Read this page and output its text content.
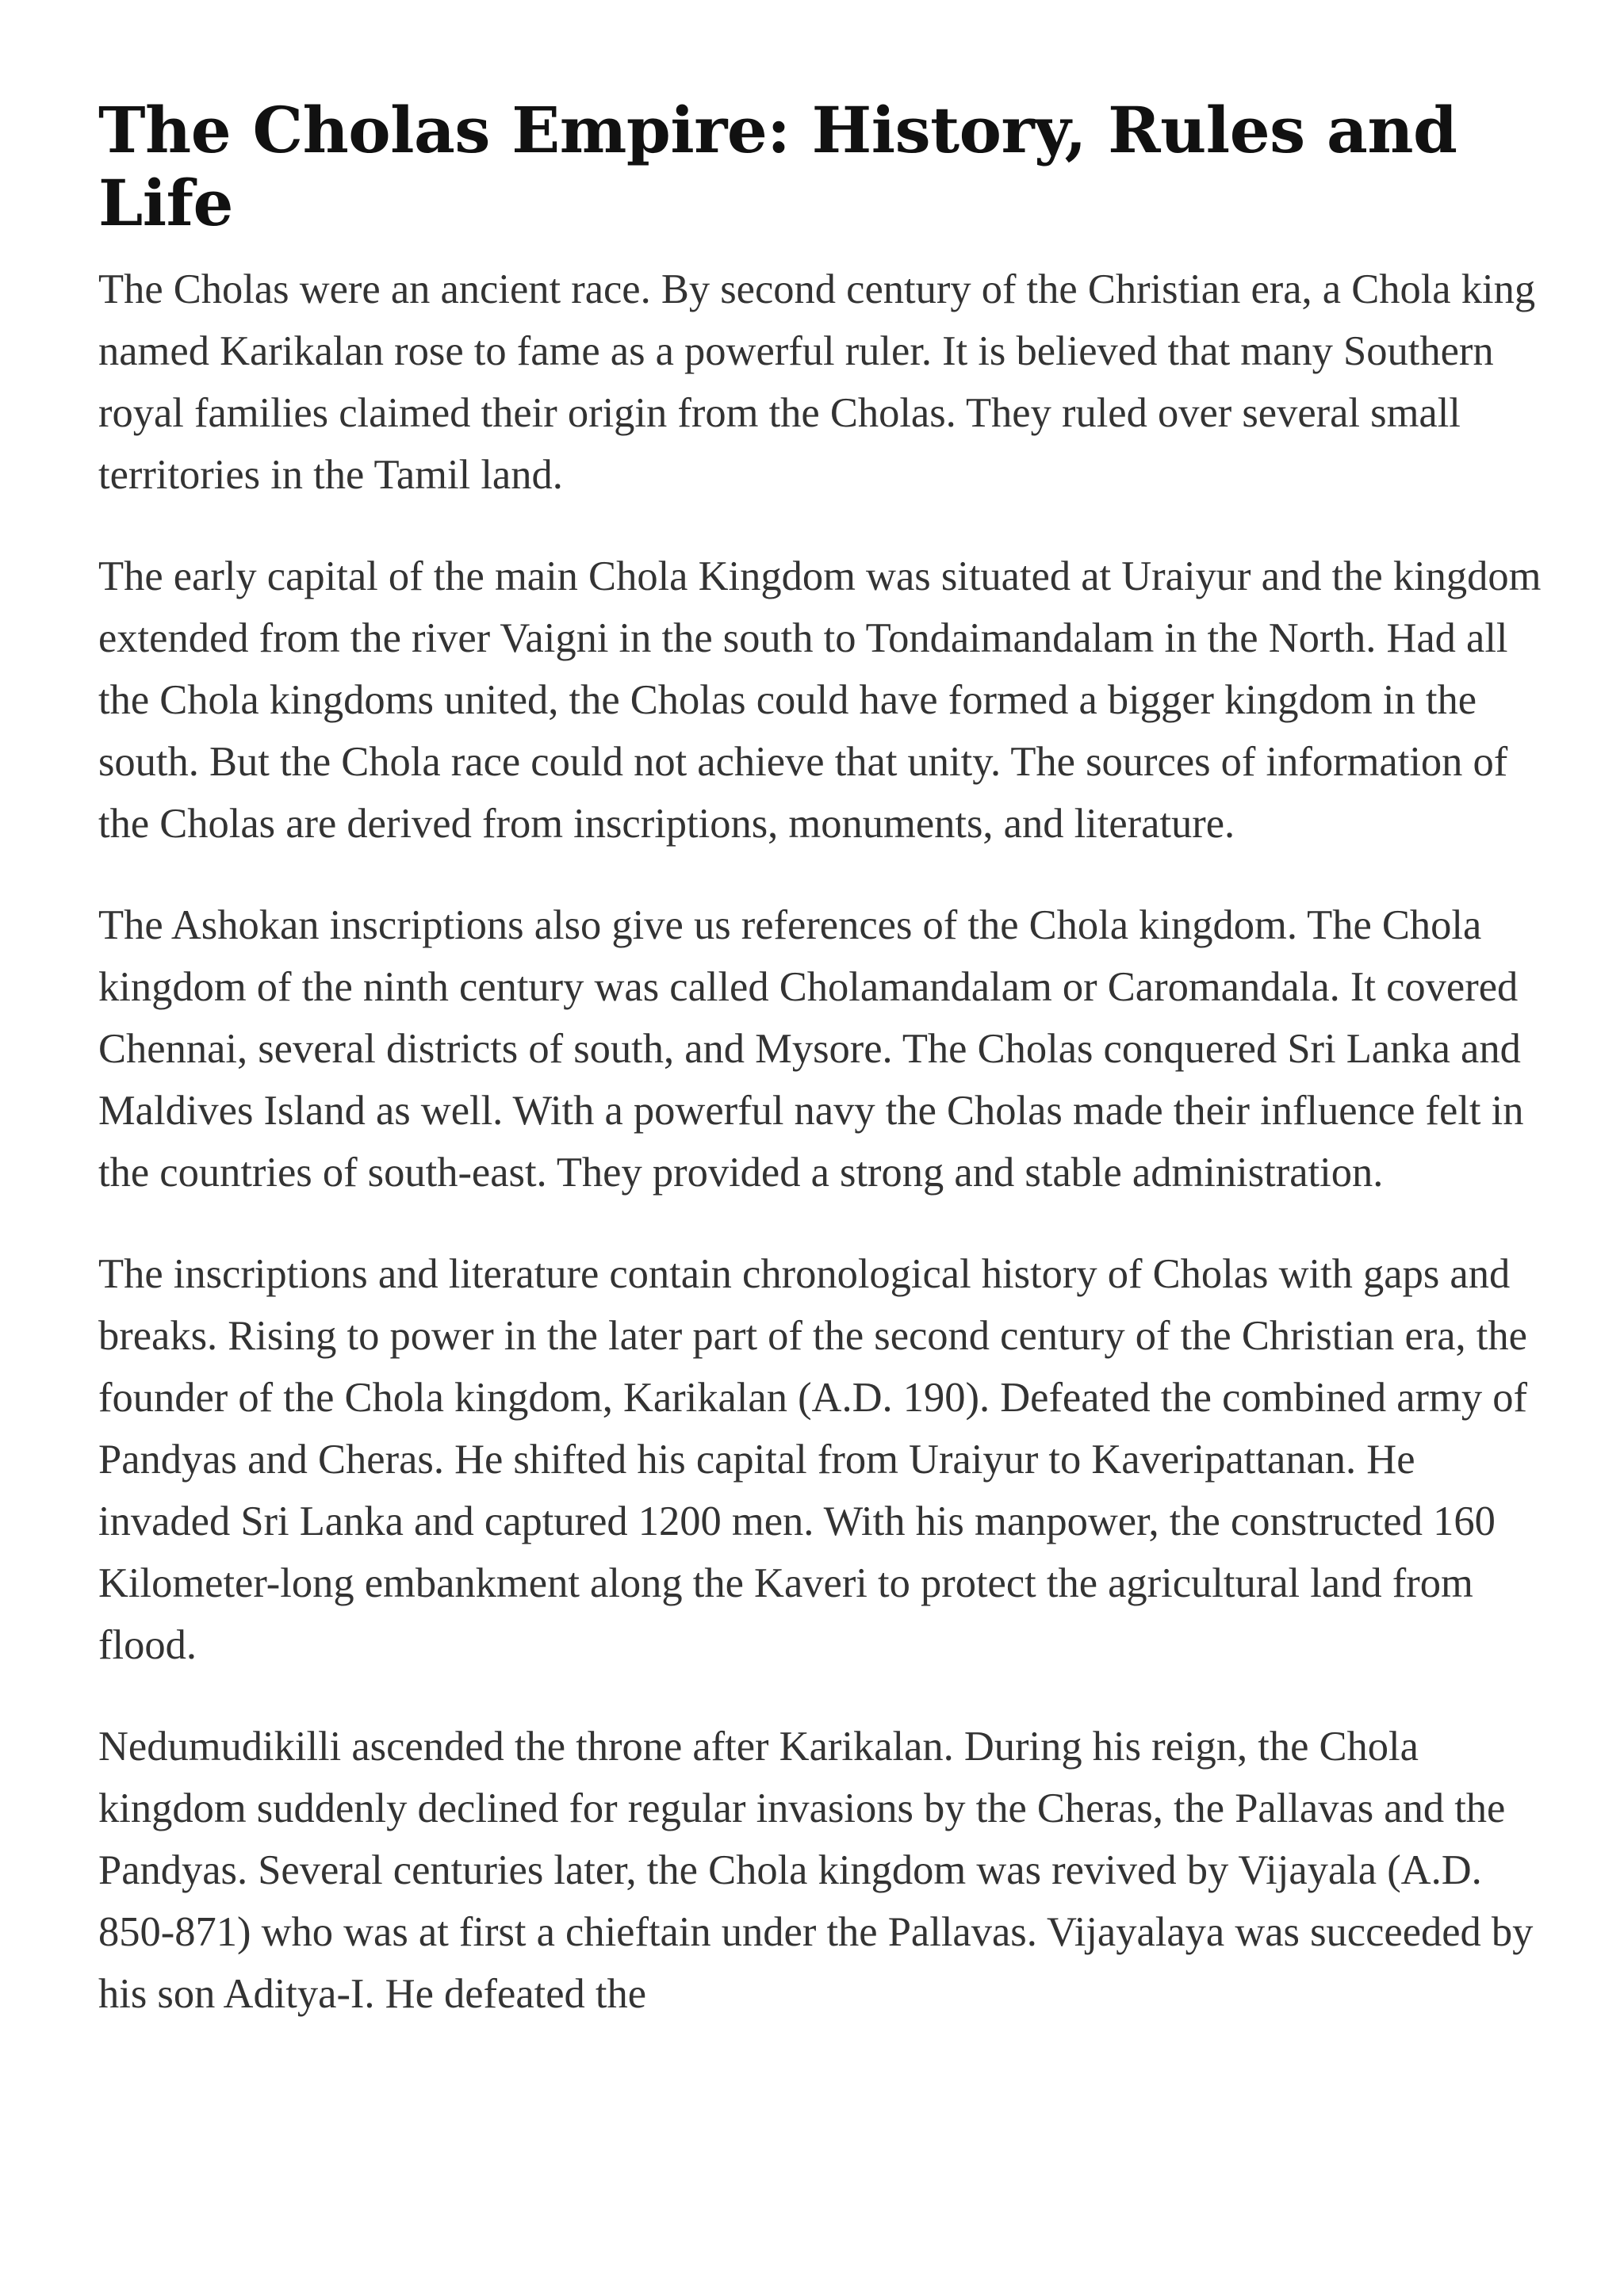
The Cholas Empire: History, Rules and Life

The Cholas were an ancient race. By second century of the Christian era, a Chola king named Karikalan rose to fame as a powerful ruler. It is believed that many Southern royal families claimed their origin from the Cholas. They ruled over several small territories in the Tamil land.

The early capital of the main Chola Kingdom was situated at Uraiyur and the kingdom extended from the river Vaigni in the south to Tondaimandalam in the North. Had all the Chola kingdoms united, the Cholas could have formed a bigger kingdom in the south. But the Chola race could not achieve that unity. The sources of information of the Cholas are derived from inscriptions, monuments, and literature.

The Ashokan inscriptions also give us references of the Chola kingdom. The Chola kingdom of the ninth century was called Cholamandalam or Caromandala. It covered Chennai, several districts of south, and Mysore. The Cholas conquered Sri Lanka and Maldives Island as well. With a powerful navy the Cholas made their influence felt in the countries of south-east. They provided a strong and stable administration.

The inscriptions and literature contain chronological history of Cholas with gaps and breaks. Rising to power in the later part of the second century of the Christian era, the founder of the Chola kingdom, Karikalan (A.D. 190). Defeated the combined army of Pandyas and Cheras. He shifted his capital from Uraiyur to Kaveripattanan. He invaded Sri Lanka and captured 1200 men. With his manpower, the constructed 160 Kilometer-long embankment along the Kaveri to protect the agricultural land from flood.

Nedumudikilli ascended the throne after Karikalan. During his reign, the Chola kingdom suddenly declined for regular invasions by the Cheras, the Pallavas and the Pandyas. Several centuries later, the Chola kingdom was revived by Vijayala (A.D. 850-871) who was at first a chieftain under the Pallavas. Vijayalaya was succeeded by his son Aditya-I. He defeated the
